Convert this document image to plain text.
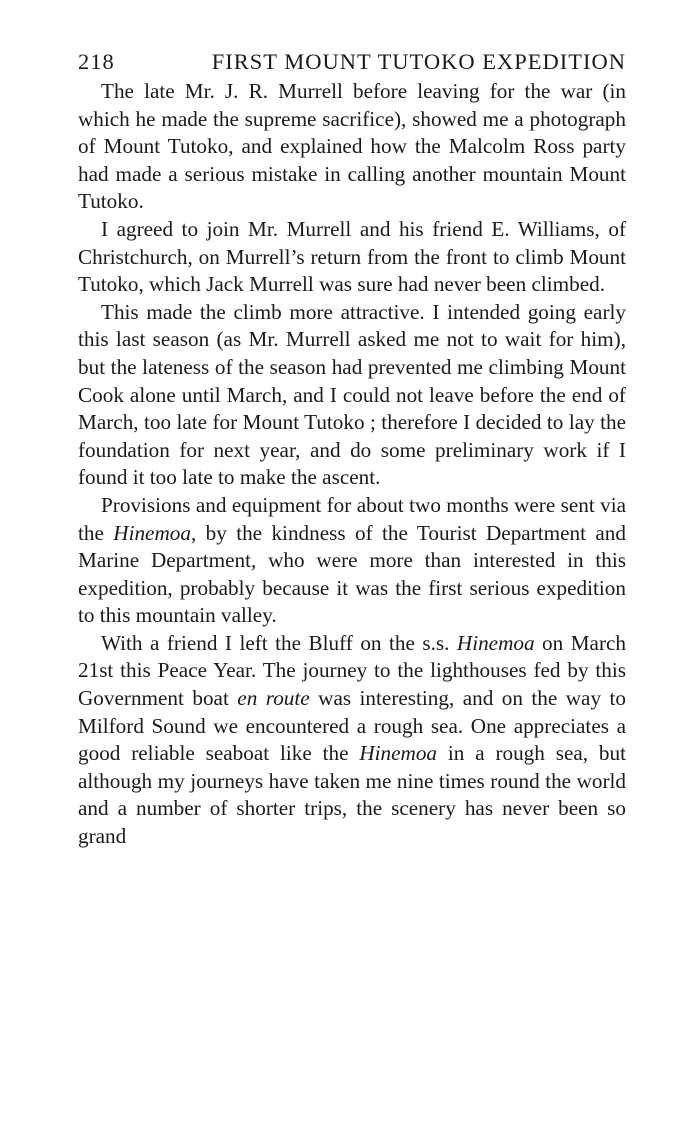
218	FIRST MOUNT TUTOKO EXPEDITION

The late Mr. J. R. Murrell before leaving for the war (in which he made the supreme sacrifice), showed me a photograph of Mount Tutoko, and explained how the Malcolm Ross party had made a serious mistake in calling another mountain Mount Tutoko.

I agreed to join Mr. Murrell and his friend E. Williams, of Christchurch, on Murrell’s return from the front to climb Mount Tutoko, which Jack Murrell was sure had never been climbed.

This made the climb more attractive. I intended going early this last season (as Mr. Murrell asked me not to wait for him), but the lateness of the season had prevented me climbing Mount Cook alone until March, and I could not leave before the end of March, too late for Mount Tutoko ; therefore I decided to lay the foundation for next year, and do some preliminary work if I found it too late to make the ascent.

Provisions and equipment for about two months were sent via the Hinemoa, by the kindness of the Tourist Department and Marine Department, who were more than interested in this expedition, probably because it was the first serious expedition to this mountain valley.

With a friend I left the Bluff on the s.s. Hinemoa on March 21st this Peace Year. The journey to the lighthouses fed by this Government boat en route was interesting, and on the way to Milford Sound we encountered a rough sea. One appreciates a good reliable seaboat like the Hinemoa in a rough sea, but although my journeys have taken me nine times round the world and a number of shorter trips, the scenery has never been so grand
